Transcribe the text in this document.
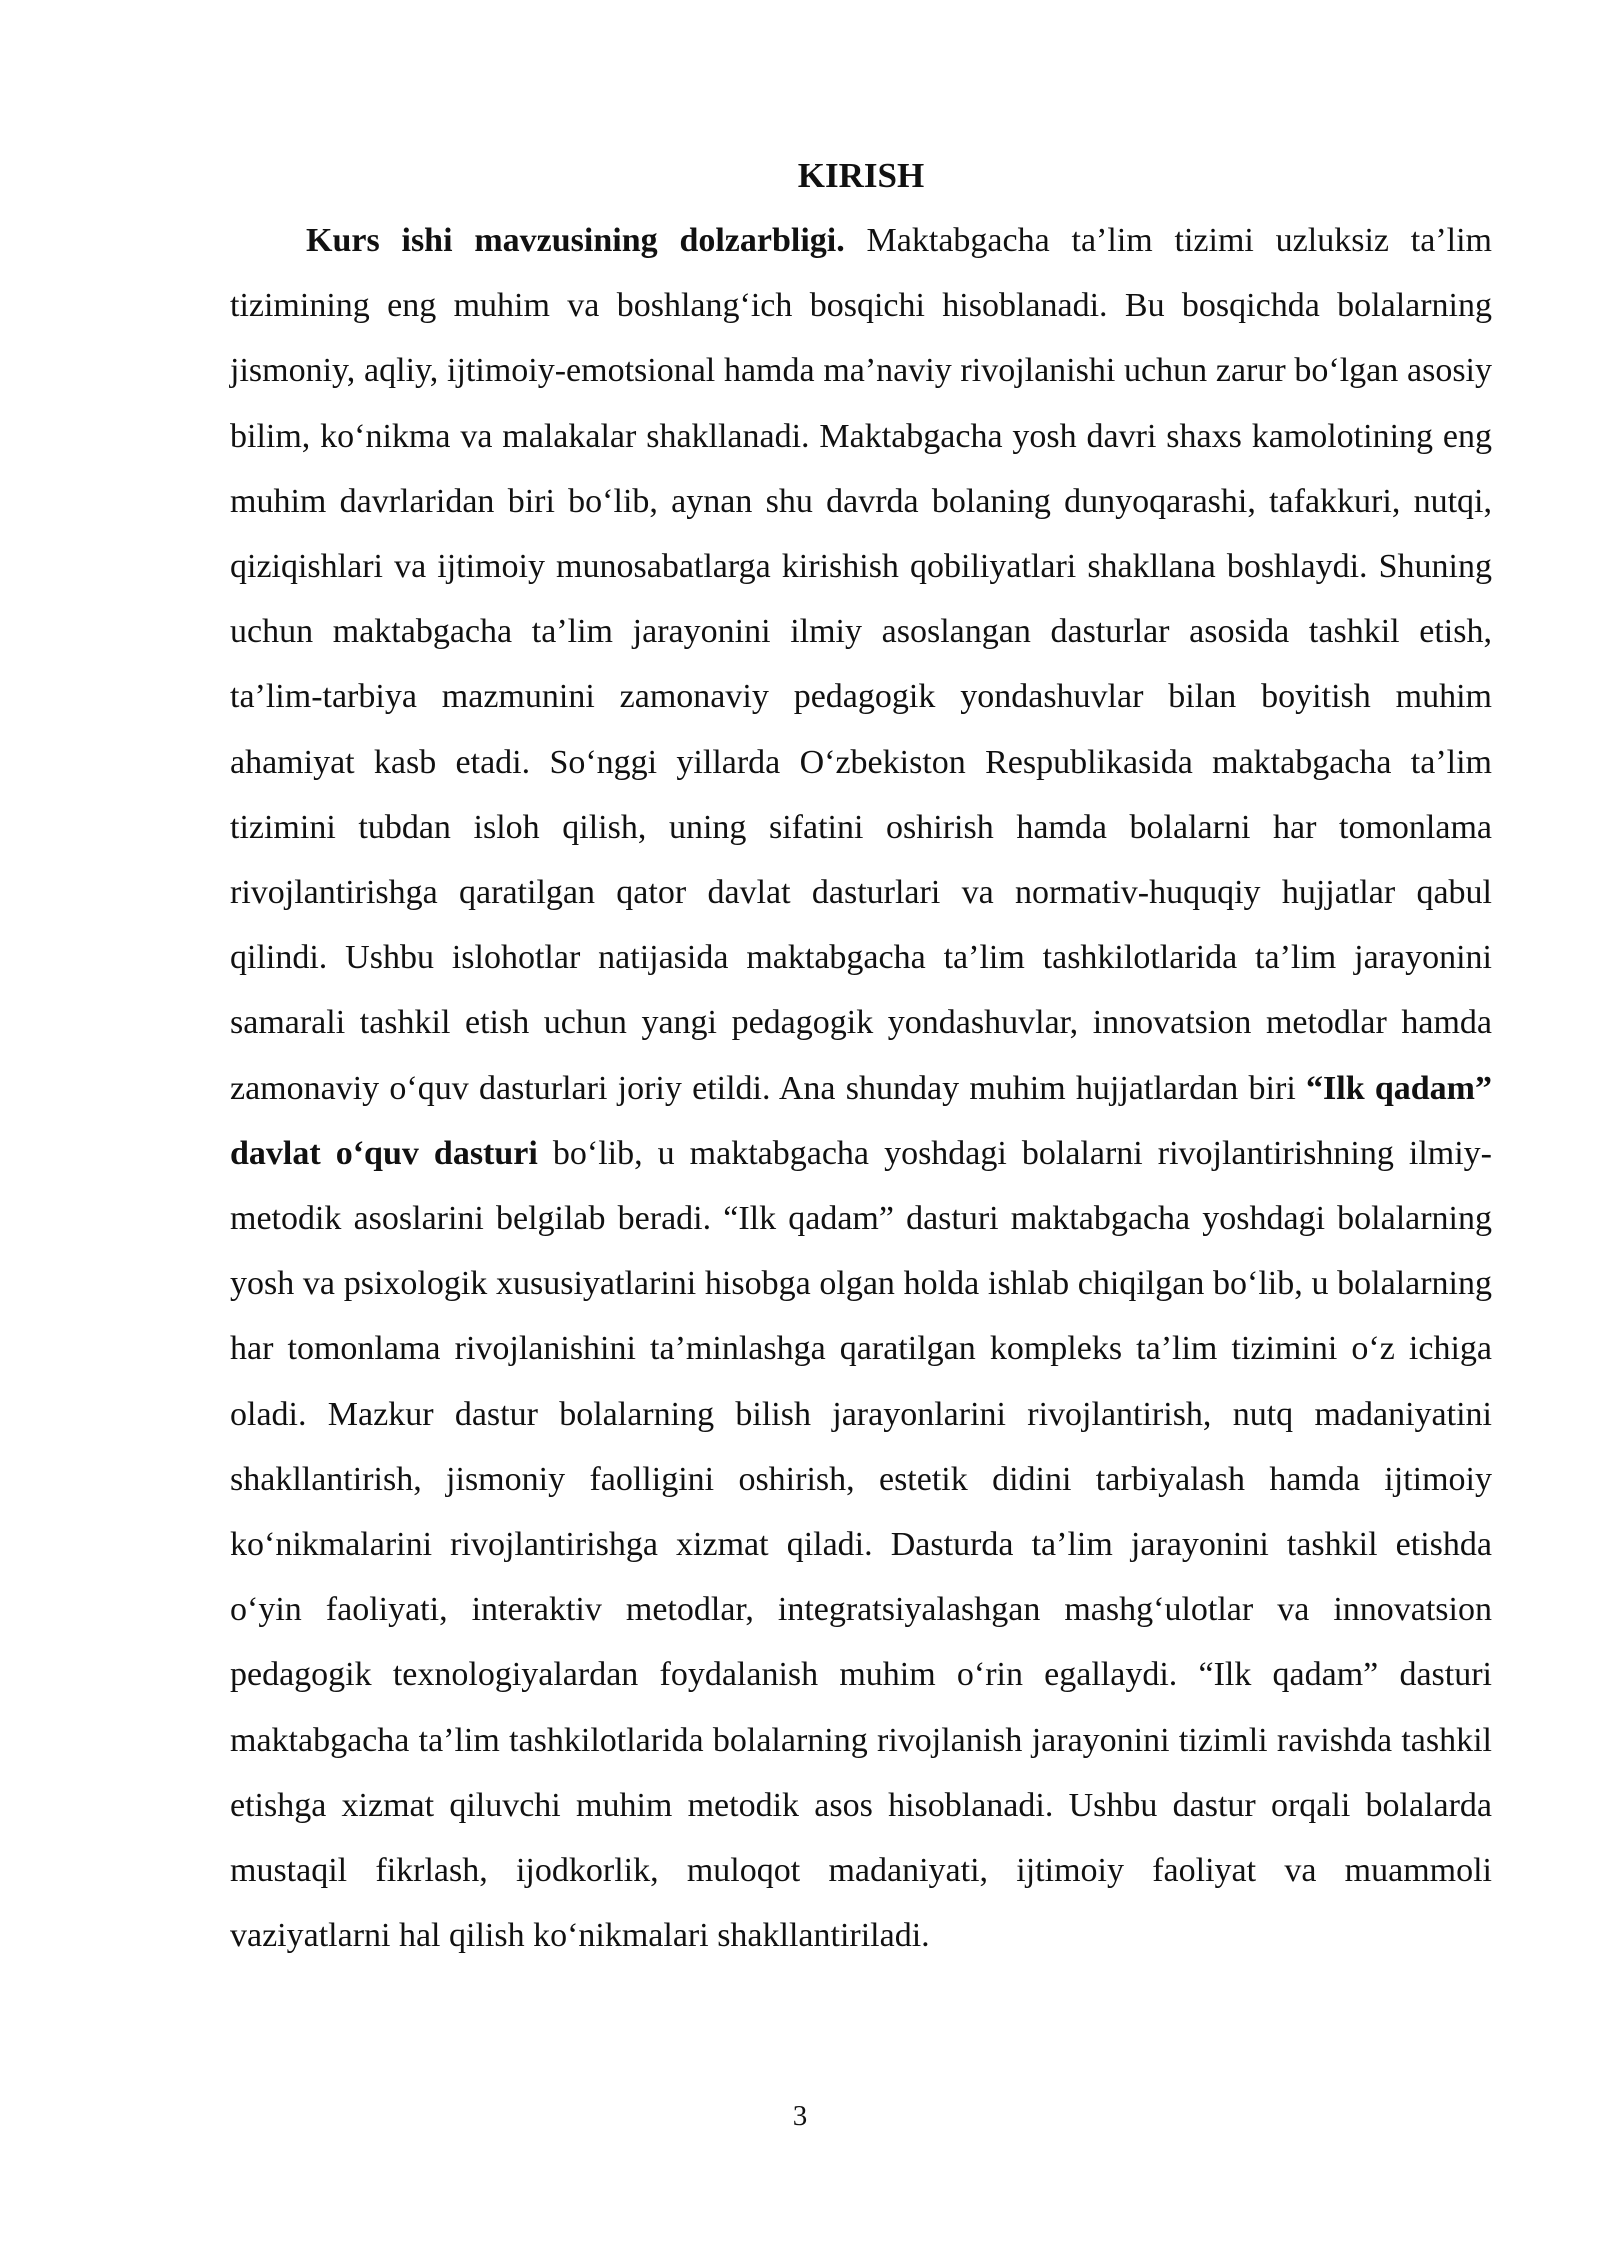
KIRISH

Kurs ishi mavzusining dolzarbligi. Maktabgacha ta’lim tizimi uzluksiz ta’lim tizimining eng muhim va boshlang‘ich bosqichi hisoblanadi. Bu bosqichda bolalarning jismoniy, aqliy, ijtimoiy-emotsional hamda ma’naviy rivojlanishi uchun zarur bo‘lgan asosiy bilim, ko‘nikma va malakalar shakllanadi. Maktabgacha yosh davri shaxs kamolotining eng muhim davrlaridan biri bo‘lib, aynan shu davrda bolaning dunyoqarashi, tafakkuri, nutqi, qiziqishlari va ijtimoiy munosabatlarga kirishish qobiliyatlari shakllana boshlaydi. Shuning uchun maktabgacha ta’lim jarayonini ilmiy asoslangan dasturlar asosida tashkil etish, ta’lim-tarbiya mazmunini zamonaviy pedagogik yondashuvlar bilan boyitish muhim ahamiyat kasb etadi. So‘nggi yillarda O‘zbekiston Respublikasida maktabgacha ta’lim tizimini tubdan isloh qilish, uning sifatini oshirish hamda bolalarni har tomonlama rivojlantirishga qaratilgan qator davlat dasturlari va normativ-huquqiy hujjatlar qabul qilindi. Ushbu islohotlar natijasida maktabgacha ta’lim tashkilotlarida ta’lim jarayonini samarali tashkil etish uchun yangi pedagogik yondashuvlar, innovatsion metodlar hamda zamonaviy o‘quv dasturlari joriy etildi. Ana shunday muhim hujjatlardan biri “Ilk qadam” davlat o‘quv dasturi bo‘lib, u maktabgacha yoshdagi bolalarni rivojlantirishning ilmiy-metodik asoslarini belgilab beradi. “Ilk qadam” dasturi maktabgacha yoshdagi bolalarning yosh va psixologik xususiyatlarini hisobga olgan holda ishlab chiqilgan bo‘lib, u bolalarning har tomonlama rivojlanishini ta’minlashga qaratilgan kompleks ta’lim tizimini o‘z ichiga oladi. Mazkur dastur bolalarning bilish jarayonlarini rivojlantirish, nutq madaniyatini shakllantirish, jismoniy faolligini oshirish, estetik didini tarbiyalash hamda ijtimoiy ko‘nikmalarini rivojlantirishga xizmat qiladi. Dasturda ta’lim jarayonini tashkil etishda o‘yin faoliyati, interaktiv metodlar, integratsiyalashgan mashg‘ulotlar va innovatsion pedagogik texnologiyalardan foydalanish muhim o‘rin egallaydi. “Ilk qadam” dasturi maktabgacha ta’lim tashkilotlarida bolalarning rivojlanish jarayonini tizimli ravishda tashkil etishga xizmat qiluvchi muhim metodik asos hisoblanadi. Ushbu dastur orqali bolalarda mustaqil fikrlash, ijodkorlik, muloqot madaniyati, ijtimoiy faoliyat va muammoli vaziyatlarni hal qilish ko‘nikmalari shakllantiriladi.

3
